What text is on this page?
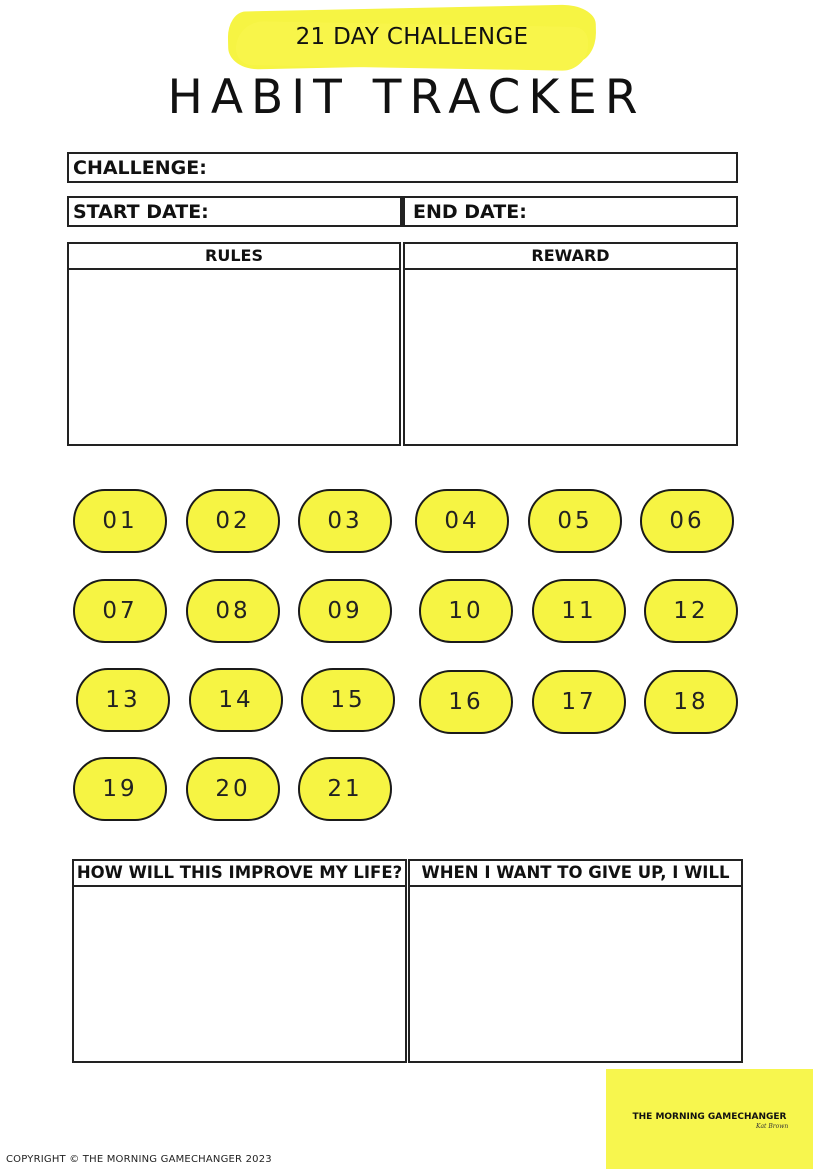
21 DAY CHALLENGE
HABIT TRACKER
CHALLENGE:
START DATE:	END DATE:
RULES	REWARD
01	02	03	04	05	06
07	08	09	10	11	12
13	14	15	16	17	18
19	20	21
HOW WILL THIS IMPROVE MY LIFE?	WHEN I WANT TO GIVE UP, I WILL
COPYRIGHT © THE MORNING GAMECHANGER 2023
THE MORNING GAMECHANGER
Kat Brown
